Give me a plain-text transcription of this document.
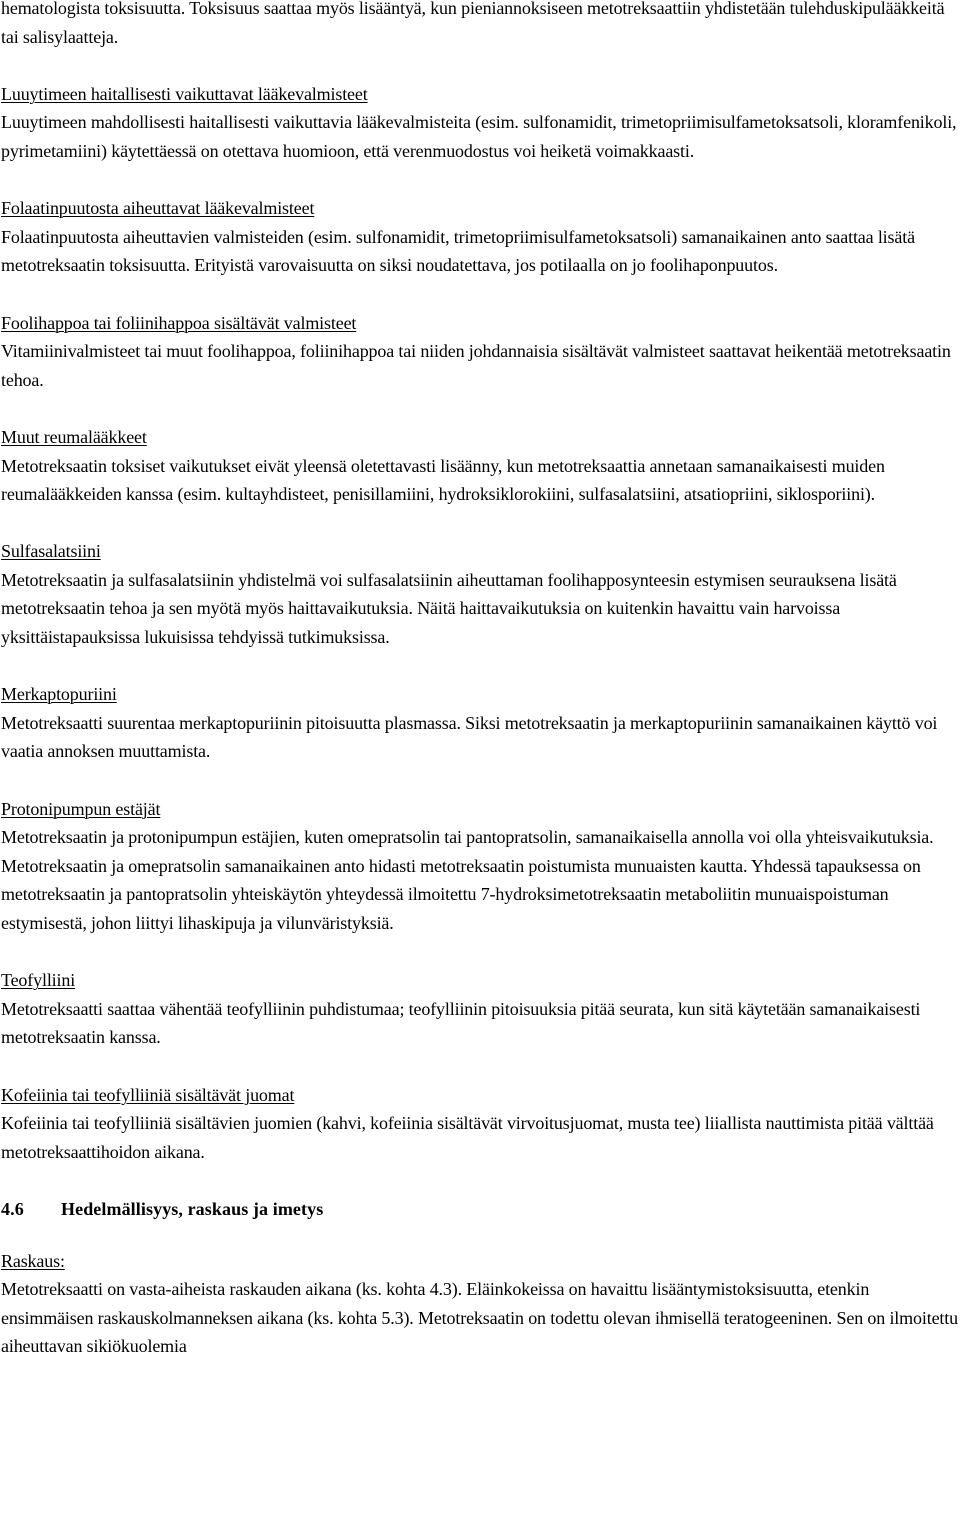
hematologista toksisuutta. Toksisuus saattaa myös lisääntyä, kun pieniannoksiseen metotreksaattiin yhdistetään tulehduskipulääkkeitä tai salisylaatteja.

Luuytimeen haitallisesti vaikuttavat lääkevalmisteet
Luuytimeen mahdollisesti haitallisesti vaikuttavia lääkevalmisteita (esim. sulfonamidit, trimetopriimisulfametoksatsoli, kloramfenikoli, pyrimetamiini) käytettäessä on otettava huomioon, että verenmuodostus voi heiketä voimakkaasti.
Folaatinpuutosta aiheuttavat lääkevalmisteet
Folaatinpuutosta aiheuttavien valmisteiden (esim. sulfonamidit, trimetopriimisulfametoksatsoli) samanaikainen anto saattaa lisätä metotreksaatin toksisuutta. Erityistä varovaisuutta on siksi noudatettava, jos potilaalla on jo foolihaponpuutos.
Foolihappoa tai foliinihappoa sisältävät valmisteet
Vitamiinivalmisteet tai muut foolihappoa, foliinihappoa tai niiden johdannaisia sisältävät valmisteet saattavat heikentää metotreksaatin tehoa.
Muut reumalääkkeet
Metotreksaatin toksiset vaikutukset eivät yleensä oletettavasti lisäänny, kun metotreksaattia annetaan samanaikaisesti muiden reumalääkkeiden kanssa (esim. kultayhdisteet, penisillamiini, hydroksiklorokiini, sulfasalatsiini, atsatiopriini, siklosporiini).
Sulfasalatsiini
Metotreksaatin ja sulfasalatsiinin yhdistelmä voi sulfasalatsiinin aiheuttaman foolihapposynteesin estymisen seurauksena lisätä metotreksaatin tehoa ja sen myötä myös haittavaikutuksia. Näitä haittavaikutuksia on kuitenkin havaittu vain harvoissa yksittäistapauksissa lukuisissa tehdyissä tutkimuksissa.
Merkaptopuriini
Metotreksaatti suurentaa merkaptopuriinin pitoisuutta plasmassa. Siksi metotreksaatin ja merkaptopuriinin samanaikainen käyttö voi vaatia annoksen muuttamista.
Protonipumpun estäjät
Metotreksaatin ja protonipumpun estäjien, kuten omepratsolin tai pantopratsolin, samanaikaisella annolla voi olla yhteisvaikutuksia. Metotreksaatin ja omepratsolin samanaikainen anto hidasti metotreksaatin poistumista munuaisten kautta. Yhdessä tapauksessa on metotreksaatin ja pantopratsolin yhteiskäytön yhteydessä ilmoitettu 7-hydroksimetotreksaatin metaboliitin munuaispoistuman estymisestä, johon liittyi lihaskipuja ja vilunväristyksiä.
Teofylliini
Metotreksaatti saattaa vähentää teofylliinin puhdistumaa; teofylliinin pitoisuuksia pitää seurata, kun sitä käytetään samanaikaisesti metotreksaatin kanssa.
Kofeiinia tai teofylliiniä sisältävät juomat
Kofeiinia tai teofylliiniä sisältävien juomien (kahvi, kofeiinia sisältävät virvoitusjuomat, musta tee) liiallista nauttimista pitää välttää metotreksaattihoidon aikana.
4.6 Hedelmällisyys, raskaus ja imetys
Raskaus:
Metotreksaatti on vasta-aiheista raskauden aikana (ks. kohta 4.3). Eläinkokeissa on havaittu lisääntymistoksisuutta, etenkin ensimmäisen raskauskolmanneksen aikana (ks. kohta 5.3). Metotreksaatin on todettu olevan ihmisellä teratogeeninen. Sen on ilmoitettu aiheuttavan sikiökuolemia
